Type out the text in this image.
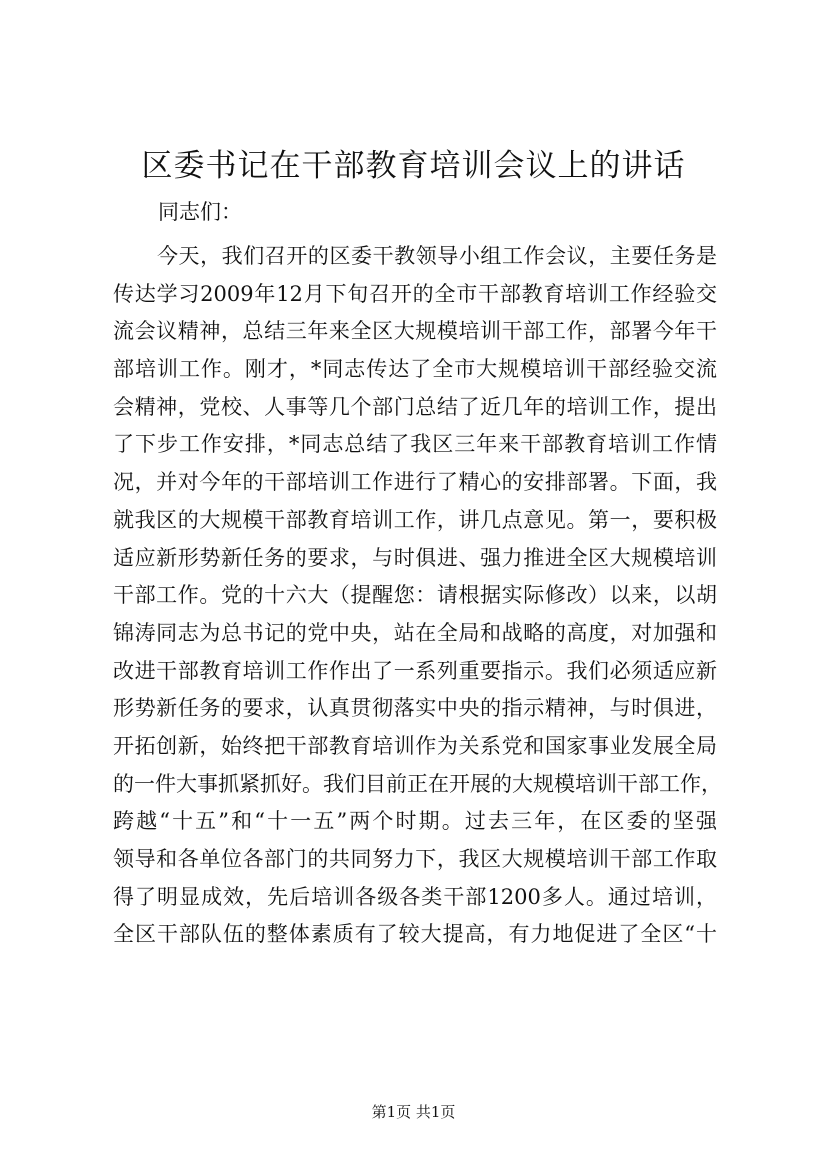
区委书记在干部教育培训会议上的讲话
同志们：
今天，我们召开的区委干教领导小组工作会议，主要任务是
传达学习2009年12月下旬召开的全市干部教育培训工作经验交
流会议精神，总结三年来全区大规模培训干部工作，部署今年干
部培训工作。刚才，*同志传达了全市大规模培训干部经验交流
会精神，党校、人事等几个部门总结了近几年的培训工作，提出
了下步工作安排，*同志总结了我区三年来干部教育培训工作情
况，并对今年的干部培训工作进行了精心的安排部署。下面，我
就我区的大规模干部教育培训工作，讲几点意见。第一，要积极
适应新形势新任务的要求，与时俱进、强力推进全区大规模培训
干部工作。党的十六大（提醒您：请根据实际修改）以来，以胡
锦涛同志为总书记的党中央，站在全局和战略的高度，对加强和
改进干部教育培训工作作出了一系列重要指示。我们必须适应新
形势新任务的要求，认真贯彻落实中央的指示精神，与时俱进，
开拓创新，始终把干部教育培训作为关系党和国家事业发展全局
的一件大事抓紧抓好。我们目前正在开展的大规模培训干部工作，
跨越“十五”和“十一五”两个时期。过去三年，在区委的坚强
领导和各单位各部门的共同努力下，我区大规模培训干部工作取
得了明显成效，先后培训各级各类干部1200多人。通过培训，
全区干部队伍的整体素质有了较大提高，有力地促进了全区“十
第1页 共1页
